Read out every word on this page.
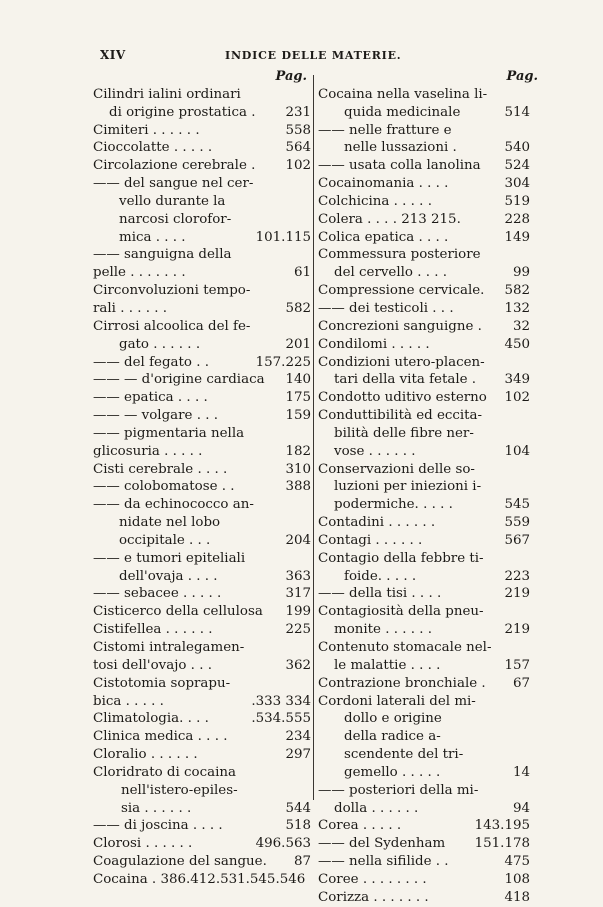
XIV	INDICE DELLE MATERIE.
Pag.
Cilindri ialini ordinari
di origine prostatica . 231
Cimiteri . . . . . .	558
Cioccolatte . . . . .	564
Circolazione cerebrale . 102
—— del sangue nel cer-
vello durante la
narcosi clorofor-
mica . . . .	101.115
—— sanguigna della
pelle . . . . . . .	61
Circonvoluzioni tempo-
rali . . . . . .	582
Cirrosi alcoolica del fe-
gato . . . . . .	201
—— del fegato . .	157.225
—— — d'origine cardiaca 140
—— epatica . . . .	175
—— — volgare . . .	159
—— pigmentaria nella
glicosuria . . . . .	182
Cisti cerebrale . . . .	310
—— colobomatose . .	388
—— da echinococco an-
nidate nel lobo
occipitale . . .	204
—— e tumori epiteliali
dell'ovaja . . . .	363
—— sebacee . . . . .	317
Cisticerco della cellulosa 199
Cistifellea . . . . . .	225
Cistomi intralegamen-
tosi dell'ovajo . . .	362
Cistotomia soprapu-
bica . . . . .	.333 334
Climatologia. . . .	.534.555
Clinica medica . . . .	234
Cloralio . . . . . .	297
Cloridrato di cocaina
nell'istero-epiles-
sia . . . . . .	544
—— di joscina . . . .	518
Clorosi . . . . . .	496.563
Coagulazione del sangue. 87
Cocaina . 386.412.531.545.546
Pag.
Cocaina nella vaselina li-
quida medicinale	514
—— nelle fratture e
nelle lussazioni .	540
—— usata colla lanolina 524
Cocainomania . . . .	304
Colchicina . . . . .	519
Colera . . . . 213 215.	228
Colica epatica . . . .	149
Commessura posteriore
del cervello . . . .	99
Compressione cervicale. 582
—— dei testicoli . . .	132
Concrezioni sanguigne . 32
Condilomi . . . . .	450
Condizioni utero-placen-
tari della vita fetale . 349
Condotto uditivo esterno 102
Conduttibilità ed eccita-
bilità delle fibre ner-
vose . . . . . .	104
Conservazioni delle so-
luzioni per iniezioni i-
podermiche. . . . .	545
Contadini . . . . . .	559
Contagi . . . . . .	567
Contagio della febbre ti-
foide. . . . .	223
—— della tisi . . . .	219
Contagiosità della pneu-
monite . . . . . .	219
Contenuto stomacale nel-
le malattie . . . .	157
Contrazione bronchiale . 67
Cordoni laterali del mi-
dollo e origine
della radice a-
scendente del tri-
gemello . . . . .	14
—— posteriori della mi-
dolla . . . . . .	94
Corea . . . . .	143.195
—— del Sydenham 151.178
—— nella sifilide . .	475
Coree . . . . . . . .	108
Corizza . . . . . . .	418
